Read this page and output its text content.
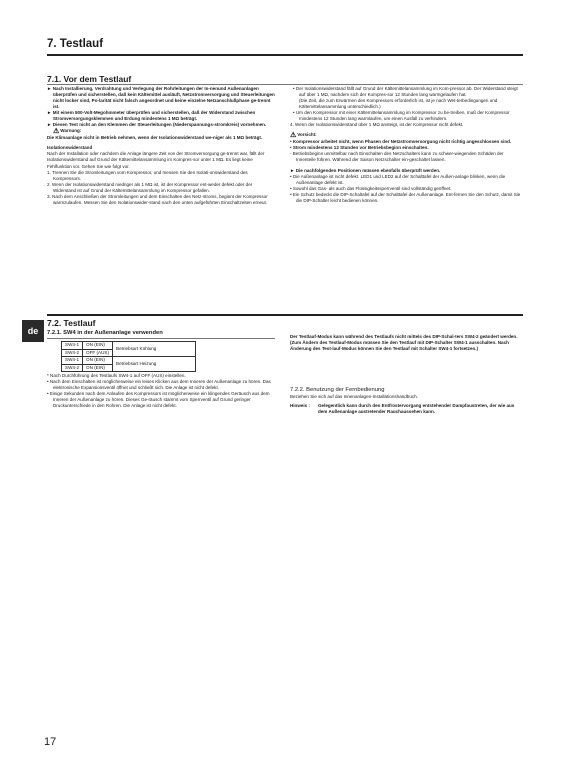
7. Testlauf
7.1. Vor dem Testlauf

► Nach Installierung, Verdrahtung und Verlegung der Rohrleitungen der In-nenund Außenanlagen überprüfen und sicherstellen, daß kein Kältemittel ausläuft, Netzstromversorgung und Steuerleitungen nicht locker sind, Po-larität nicht falsch angeordnet und keine einzelne Netzanschlußphase ge-trennt ist.

► Mit einem 500-Volt-Megohmmeter überprüfen und sicherstellen, daß der Widerstand zwischen Stromversorgungsklemmen und Erdung mindestens 1 MΩ beträgt.

► Diesen Test nicht an den Klemmen der Steuerleitungen (Niederspannungs-stromkreis) vornehmen.

⚠Warnung:

Die Klimaanlage nicht in Betrieb nehmen, wenn der Isolationswiderstand we-niger als 1 MΩ beträgt.

Isolationswiderstand

Nach der Installation oder nachdem die Anlage längere Zeit von der Stromversorgung ge-trennt war, fällt der Isolationswiderstand auf Grund der Kältemittelansammlung im Kompres-sor unter 1 MΩ. Es liegt keine Fehlfunktion vor. Gehen Sie wie folgt vor.

1. Trennen Sie die Stromleitungen vom Kompressor, und messen Sie den Isolati-onswiderstand des Kompressors.

2. Wenn der Isolationswiderstand niedriger als 1 MΩ ist, ist der Kompressor ent-weder defekt oder der Widerstand ist auf Grund der Kältemittelansammlung im Kompressor gefallen.

3. Nach dem Anschließen der Stromleitungen und dem Einschalten des Netz-stroms, beginnt der Kompressor warmzulaufen. Messen Sie den Isolationswider-stand nach den unten aufgeführten Einschaltzeiten erneut.

• Der Isolationswiderstand fällt auf Grund der Kältemittelansammlung im Kom-pressor ab. Der Widerstand steigt auf über 1 MΩ, nachdem sich der Kompres-sor 12 Stunden lang warmgelaufen hat.

(Die Zeit, die zum Erwärmen des Kompressors erforderlich ist, ist je nach Wet-terbedingungen und Kältemittelansammlung unterschiedlich.)

• Um den Kompressor mit einer Kältemittelansammlung im Kompressor zu be-treiben, muß der Kompressor mindestens 12 Stunden lang warmlaufen, um einen Ausfall zu verhindern.

4. Wenn der Isolationswiderstand über 1 MΩ ansteigt, ist der Kompressor nicht defekt.

⚠Vorsicht:

• Kompressor arbeitet nicht, wenn Phasen der Netzstromversorgung nicht richtig angeschlossen sind.

• Strom mindestens 12 Stunden vor Betriebsbeginn einschalten.

- Betriebsbeginn unmittelbar nach Einschalten des Netzschalters kann zu schwer-wiegenden Schäden der Innenteile führen. Während der Saison Netzschalter ein-geschaltet lassen.

► Die nachfolgenden Positionen müssen ebenfalls überprüft werden.

• Die Außenanlage ist nicht defekt. LED1 und LED2 auf der Schalttafel der Außen-anlage blinken, wenn die Außenanlage defekt ist.

• Sowohl das Gas- als auch das Flüssigkeitssperrventil sind vollständig geöffnet.

• Ein Schutz bedeckt die DIP-Schaltafel auf der Schalttafel der Außenanlage. Ent-fernen Sie den Schutz, damit Sie die DIP-Schalter leicht bedienen können.

de
7.2. Testlauf
7.2.1. SW4 in der Außenanlage verwenden
SW4-1	ON (EIN)	Betriebsart Kühlung
SW4-2	OFF (AUS)	
SW4-1	ON (EIN)	Betriebsart Heizung
SW4-2	ON (EIN)	

* Nach Durchführung des Testlaufs SW4-1 auf OFF (AUS) einstellen.

• Nach dem Einschalten ist möglicherweise ein leises Klicken aus dem Inneren der Außenanlage zu hören. Das elektronische Expansionsventil öffnet und schließt sich. Die Anlage ist nicht defekt.

• Einige Sekunden nach dem Anlaufen des Kompressors ist möglicherweise ein klingendes Geräusch aus dem Inneren der Außenanlage zu hören. Dieses Ge-räusch stammt vom Sperrventil auf Grund geringer Druckunterschiede in den Rohren. Die Anlage ist nicht defekt.

Der Testlauf-Modus kann während des Testlaufs nicht mittels des DIP-Schal-ters SW4-2 geändert werden. (Zum Ändern des Testlauf-Modus müssen Sie den Testlauf mit DIP-Schalter SW4-1 ausschalten. Nach Änderung des Test-lauf-Modus können Sie den Testlauf mit Schalter SW4-1 fortsetzen.)

7.2.2. Benutzung der Fernbedienung

Beziehen Sie sich auf das Innenanlagen-Installationshandbuch.

Hinweis :	Gelegentlich kann durch den Entfrostervorgang entstehender Dampfaustreten, der wie aus dem Außenanlage austretender Rauchaussehen kann.
17
